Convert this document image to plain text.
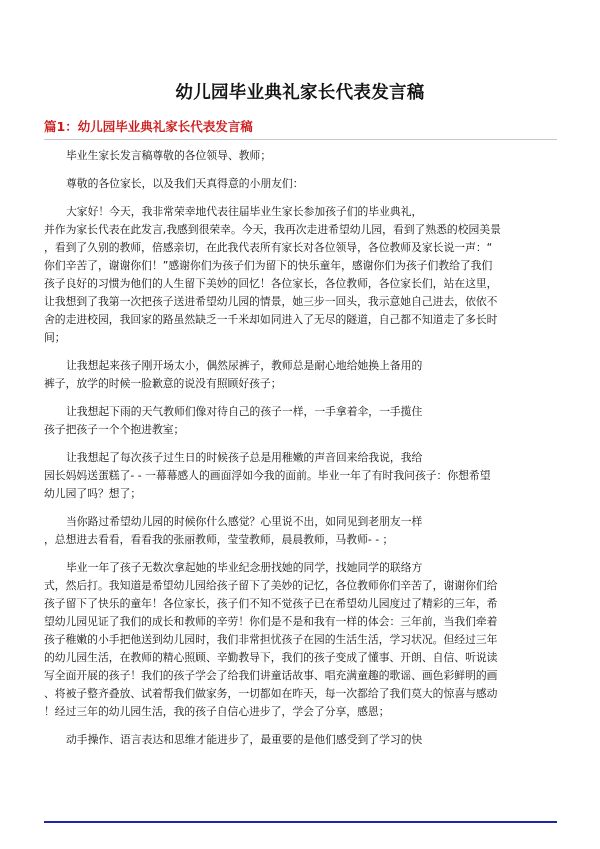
幼儿园毕业典礼家长代表发言稿
篇1：幼儿园毕业典礼家长代表发言稿
毕业生家长发言稿尊敬的各位领导、教师；
尊敬的各位家长，以及我们天真得意的小朋友们：
大家好！今天，我非常荣幸地代表往届毕业生家长参加孩子们的毕业典礼，
并作为家长代表在此发言,我感到很荣幸。今天，我再次走进希望幼儿园，看到了熟悉的校园美景
，看到了久别的教师，倍感亲切，在此我代表所有家长对各位领导，各位教师及家长说一声：“
你们辛苦了，谢谢你们！”感谢你们为孩子们为留下的快乐童年，感谢你们为孩子们教给了我们
孩子良好的习惯为他们的人生留下美妙的回忆！各位家长，各位教师，各位家长们，站在这里，
让我想到了我第一次把孩子送进希望幼儿园的情景，她三步一回头，我示意她自己进去，依依不
舍的走进校园，我回家的路虽然缺乏一千米却如同进入了无尽的隧道，自己都不知道走了多长时
间；
让我想起来孩子刚开场太小，偶然尿裤子，教师总是耐心地给她换上备用的
裤子，放学的时候一脸歉意的说没有照顾好孩子；
让我想起下雨的天气教师们像对待自己的孩子一样，一手拿着伞，一手揽住
孩子把孩子一个个抱进教室；
让我想起了每次孩子过生日的时候孩子总是用稚嫩的声音回来给我说，我给
园长妈妈送蛋糕了- - 一幕幕感人的画面浮如今我的面前。毕业一年了有时我问孩子：你想希望
幼儿园了吗？想了；
当你路过希望幼儿园的时候你什么感觉？心里说不出，如同见到老朋友一样
，总想进去看看，看看我的张丽教师，莹莹教师，晨晨教师，马教师- - ；
毕业一年了孩子无数次拿起她的毕业纪念册找她的同学，找她同学的联络方
式，然后打。我知道是希望幼儿园给孩子留下了美妙的记忆，各位教师你们辛苦了，谢谢你们给
孩子留下了快乐的童年！各位家长，孩子们不知不觉孩子已在希望幼儿园度过了精彩的三年，希
望幼儿园见证了我们的成长和教师的辛劳！你们是不是和我有一样的体会：三年前，当我们牵着
孩子稚嫩的小手把他送到幼儿园时，我们非常担忧孩子在园的生活生活，学习状况。但经过三年
的幼儿园生活，在教师的精心照顾、辛勤教导下，我们的孩子变成了懂事、开朗、自信、听说读
写全面开展的孩子！我们的孩子学会了给我们讲童话故事、唱充满童趣的歌谣、画色彩鲜明的画
、将被子整齐叠放、试着帮我们做家务，一切都如在昨天，每一次都给了我们莫大的惊喜与感动
！经过三年的幼儿园生活，我的孩子自信心进步了，学会了分享，感恩；
动手操作、语言表达和思维才能进步了，最重要的是他们感受到了学习的快
